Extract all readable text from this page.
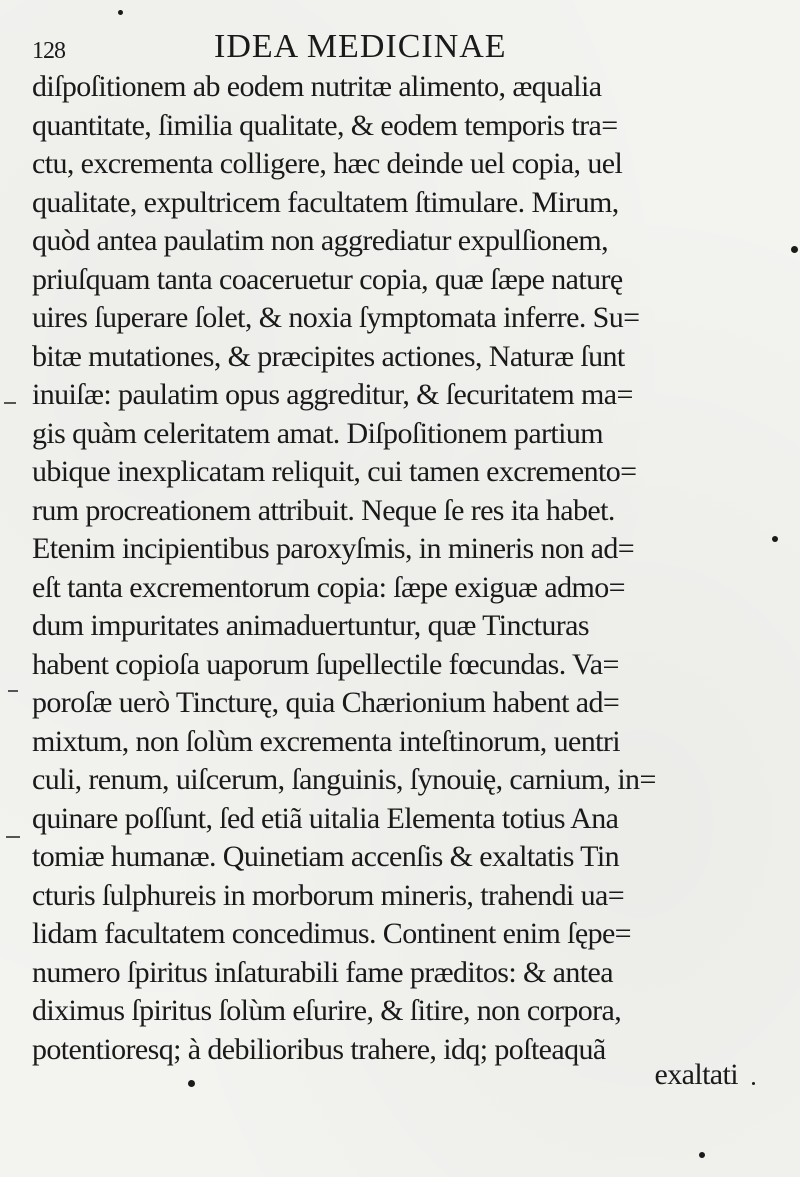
128	IDEA MEDICINAE
diſpoſitionem ab eodem nutritæ alimento, æqualia
quantitate, ſimilia qualitate, & eodem temporis tra=
ctu, excrementa colligere, hæc deinde uel copia, uel
qualitate, expultricem facultatem ſtimulare. Mirum,
quòd antea paulatim non aggrediatur expulſionem,
priuſquam tanta coaceruetur copia, quæ ſæpe naturę
uires ſuperare ſolet, & noxia ſymptomata inferre. Su=
bitæ mutationes, & præcipites actiones, Naturæ ſunt
inuiſæ: paulatim opus aggreditur, & ſecuritatem ma=
gis quàm celeritatem amat. Diſpoſitionem partium
ubique inexplicatam reliquit, cui tamen excremento=
rum procreationem attribuit. Neque ſe res ita habet.
Etenim incipientibus paroxyſmis, in mineris non ad=
eſt tanta excrementorum copia: ſæpe exiguæ admo=
dum impuritates animaduertuntur, quæ Tincturas
habent copioſa uaporum ſupellectile fœcundas. Va=
poroſæ uerò Tincturę, quia Chærionium habent ad=
mixtum, non ſolùm excrementa inteſtinorum, uentri
culi, renum, uiſcerum, ſanguinis, ſynouię, carnium, in=
quinare poſſunt, ſed etiã uitalia Elementa totius Ana
tomiæ humanæ. Quinetiam accenſis & exaltatis Tin
cturis ſulphureis in morborum mineris, trahendi ua=
lidam facultatem concedimus. Continent enim ſępe=
numero ſpiritus inſaturabili fame præditos: & antea
diximus ſpiritus ſolùm eſurire, & ſitire, non corpora,
potentioresq; à debilioribus trahere, idq; poſteaquã
exaltati
